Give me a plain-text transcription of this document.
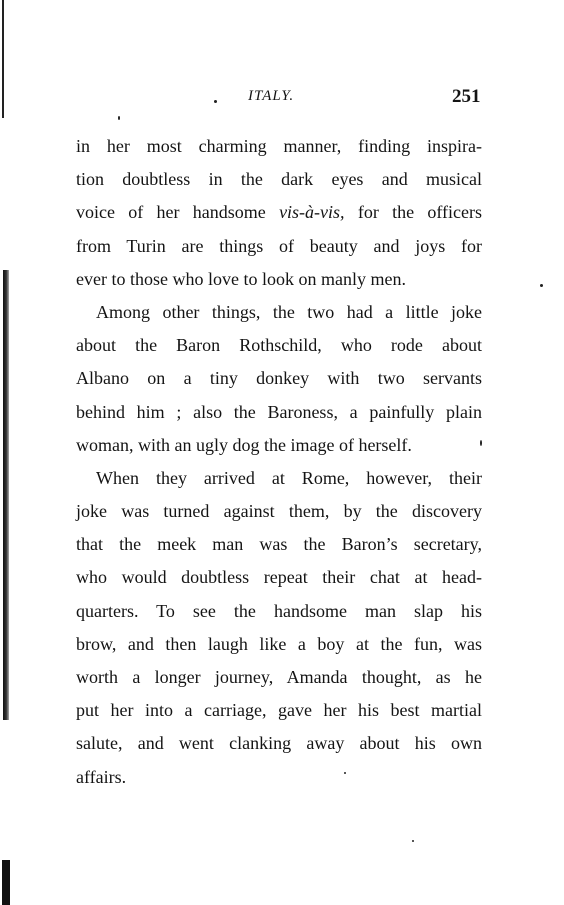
ITALY.	251
in her most charming manner, finding inspira-
tion doubtless in the dark eyes and musical
voice of her handsome vis-à-vis, for the officers
from Turin are things of beauty and joys for
ever to those who love to look on manly men.
Among other things, the two had a little joke
about the Baron Rothschild, who rode about
Albano on a tiny donkey with two servants
behind him ; also the Baroness, a painfully plain
woman, with an ugly dog the image of herself.
When they arrived at Rome, however, their
joke was turned against them, by the discovery
that the meek man was the Baron’s secretary,
who would doubtless repeat their chat at head-
quarters. To see the handsome man slap his
brow, and then laugh like a boy at the fun, was
worth a longer journey, Amanda thought, as he
put her into a carriage, gave her his best martial
salute, and went clanking away about his own
affairs.
